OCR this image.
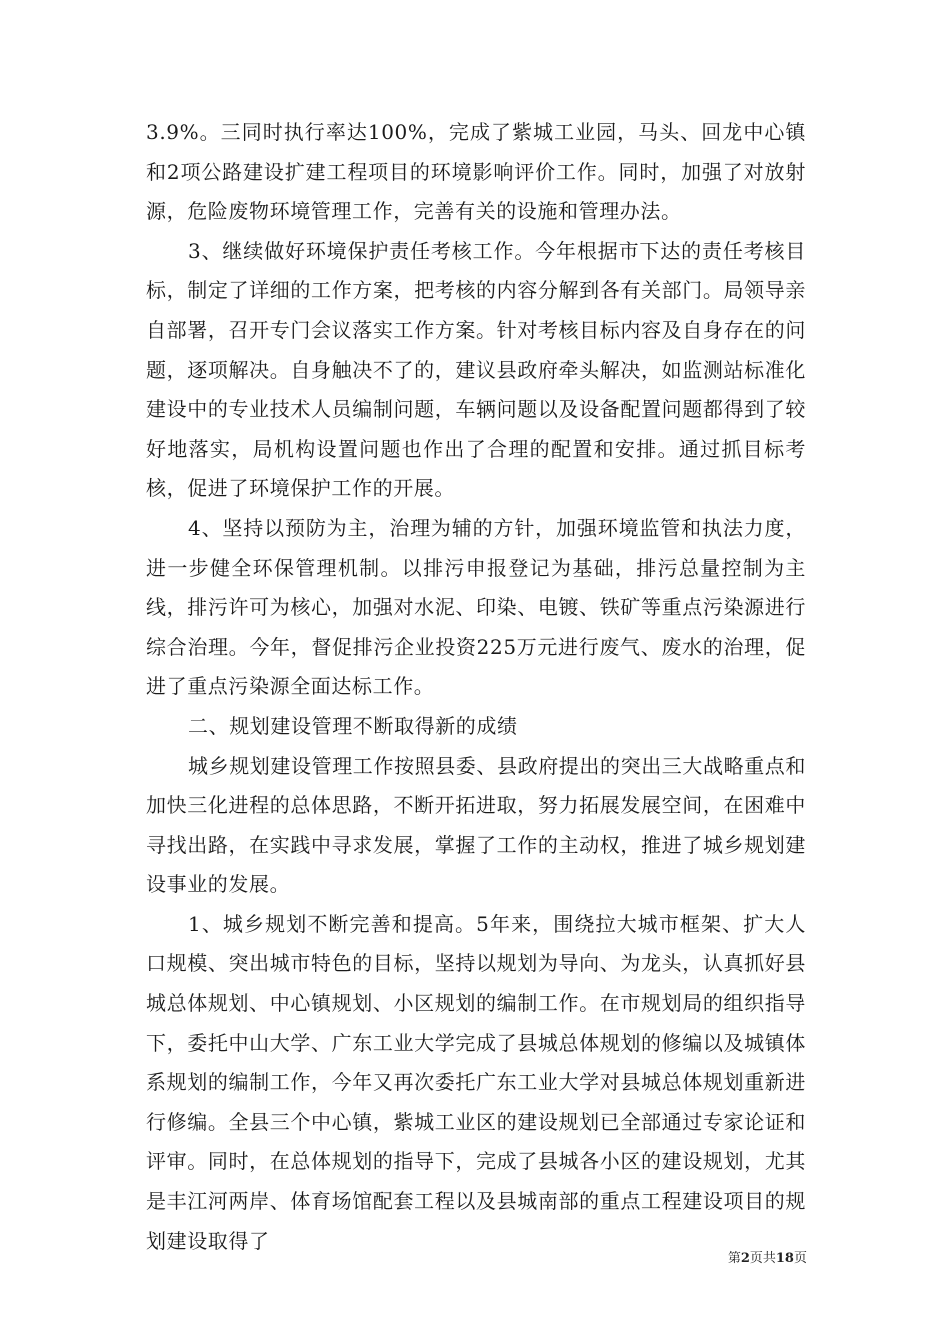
3.9%。三同时执行率达100%，完成了紫城工业园，马头、回龙中心镇和2项公路建设扩建工程项目的环境影响评价工作。同时，加强了对放射源，危险废物环境管理工作，完善有关的设施和管理办法。

3、继续做好环境保护责任考核工作。今年根据市下达的责任考核目标，制定了详细的工作方案，把考核的内容分解到各有关部门。局领导亲自部署，召开专门会议落实工作方案。针对考核目标内容及自身存在的问题，逐项解决。自身触决不了的，建议县政府牵头解决，如监测站标准化建设中的专业技术人员编制问题，车辆问题以及设备配置问题都得到了较好地落实，局机构设置问题也作出了合理的配置和安排。通过抓目标考核，促进了环境保护工作的开展。

4、坚持以预防为主，治理为辅的方针，加强环境监管和执法力度，进一步健全环保管理机制。以排污申报登记为基础，排污总量控制为主线，排污许可为核心，加强对水泥、印染、电镀、铁矿等重点污染源进行综合治理。今年，督促排污企业投资225万元进行废气、废水的治理，促进了重点污染源全面达标工作。

二、规划建设管理不断取得新的成绩

城乡规划建设管理工作按照县委、县政府提出的突出三大战略重点和加快三化进程的总体思路，不断开拓进取，努力拓展发展空间，在困难中寻找出路，在实践中寻求发展，掌握了工作的主动权，推进了城乡规划建设事业的发展。

1、城乡规划不断完善和提高。5年来，围绕拉大城市框架、扩大人口规模、突出城市特色的目标，坚持以规划为导向、为龙头，认真抓好县城总体规划、中心镇规划、小区规划的编制工作。在市规划局的组织指导下，委托中山大学、广东工业大学完成了县城总体规划的修编以及城镇体系规划的编制工作，今年又再次委托广东工业大学对县城总体规划重新进行修编。全县三个中心镇，紫城工业区的建设规划已全部通过专家论证和评审。同时，在总体规划的指导下，完成了县城各小区的建设规划，尤其是丰江河两岸、体育场馆配套工程以及县城南部的重点工程建设项目的规划建设取得了

第2页共18页
